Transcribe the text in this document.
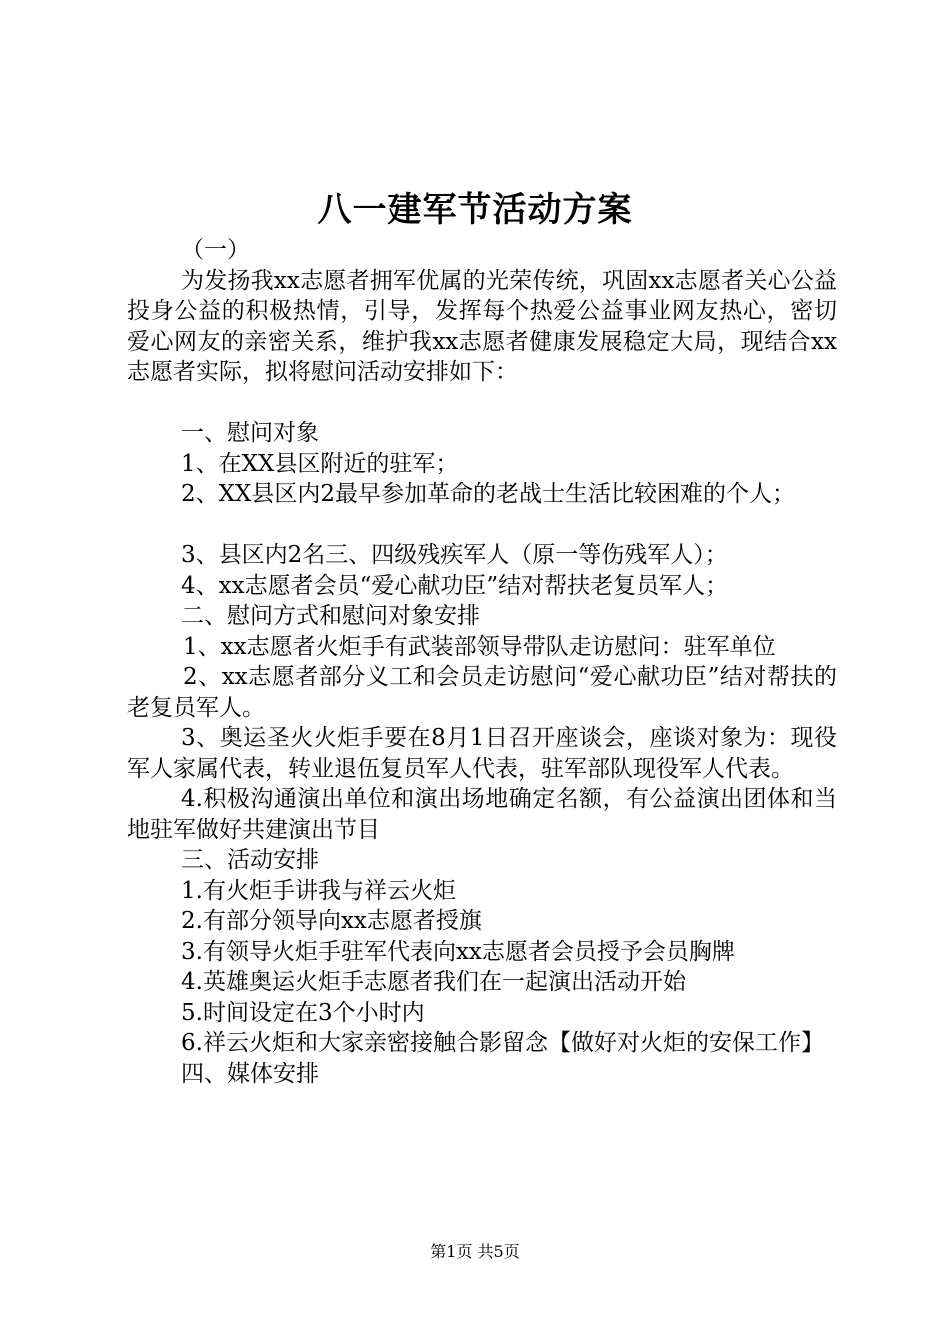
八一建军节活动方案

（一）

为发扬我xx志愿者拥军优属的光荣传统，巩固xx志愿者关心公益投身公益的积极热情，引导，发挥每个热爱公益事业网友热心，密切爱心网友的亲密关系，维护我xx志愿者健康发展稳定大局，现结合xx志愿者实际，拟将慰问活动安排如下：

一、慰问对象

1、在XX县区附近的驻军；

2、XX县区内2最早参加革命的老战士生活比较困难的个人；

3、县区内2名三、四级残疾军人（原一等伤残军人）；

4、xx志愿者会员“爱心献功臣”结对帮扶老复员军人；

二、慰问方式和慰问对象安排

1、xx志愿者火炬手有武装部领导带队走访慰问：驻军单位

2、xx志愿者部分义工和会员走访慰问“爱心献功臣”结对帮扶的老复员军人。

3、奥运圣火火炬手要在8月1日召开座谈会，座谈对象为：现役军人家属代表，转业退伍复员军人代表，驻军部队现役军人代表。

4.积极沟通演出单位和演出场地确定名额，有公益演出团体和当地驻军做好共建演出节目

三、活动安排

1.有火炬手讲我与祥云火炬

2.有部分领导向xx志愿者授旗

3.有领导火炬手驻军代表向xx志愿者会员授予会员胸牌

4.英雄奥运火炬手志愿者我们在一起演出活动开始

5.时间设定在3个小时内

6.祥云火炬和大家亲密接触合影留念【做好对火炬的安保工作】

四、媒体安排

第1页 共5页
